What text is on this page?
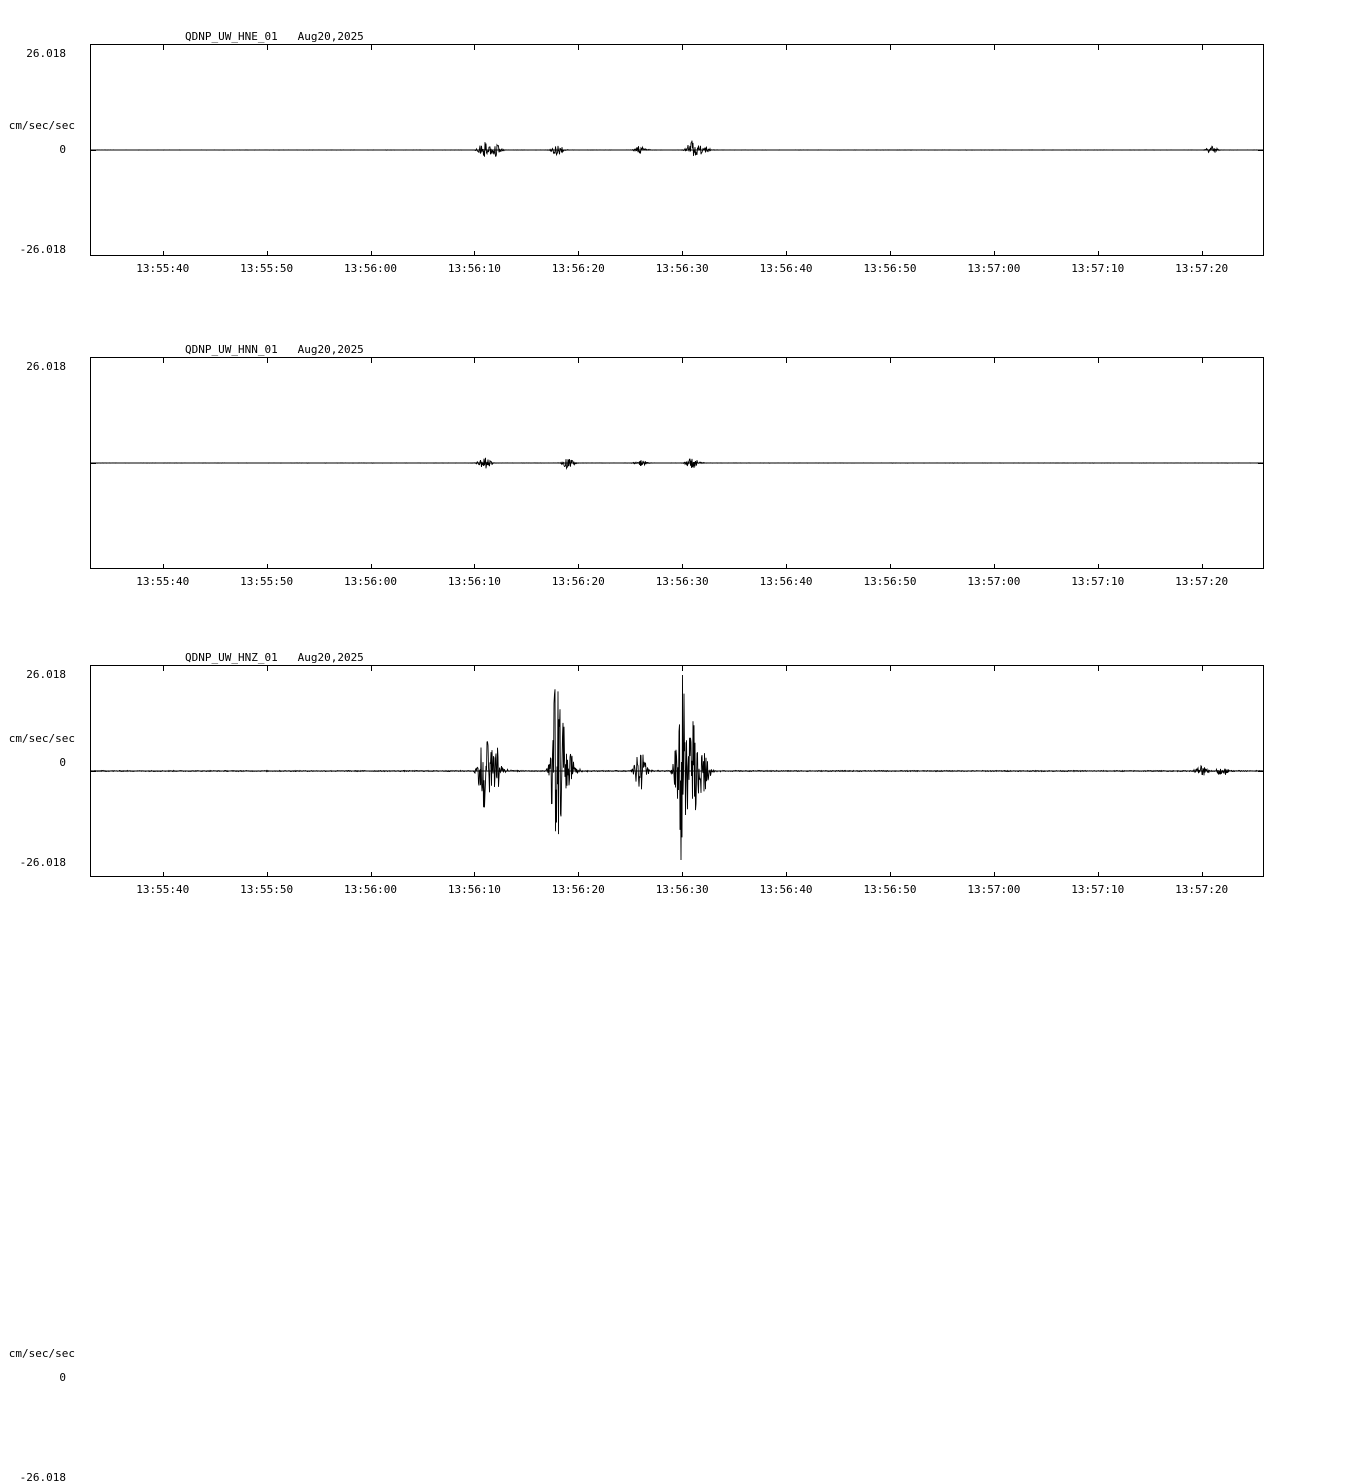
QDNP_UW_HNE_01   Aug20,2025
26.018
cm/sec/sec
0
-26.018
13:55:40	13:55:50	13:56:00	13:56:10	13:56:20	13:56:30	13:56:40	13:56:50	13:57:00	13:57:10	13:57:20
QDNP_UW_HNN_01   Aug20,2025
26.018
cm/sec/sec
0
-26.018
13:55:40	13:55:50	13:56:00	13:56:10	13:56:20	13:56:30	13:56:40	13:56:50	13:57:00	13:57:10	13:57:20
QDNP_UW_HNZ_01   Aug20,2025
26.018
cm/sec/sec
0
-26.018
13:55:40	13:55:50	13:56:00	13:56:10	13:56:20	13:56:30	13:56:40	13:56:50	13:57:00	13:57:10	13:57:20
